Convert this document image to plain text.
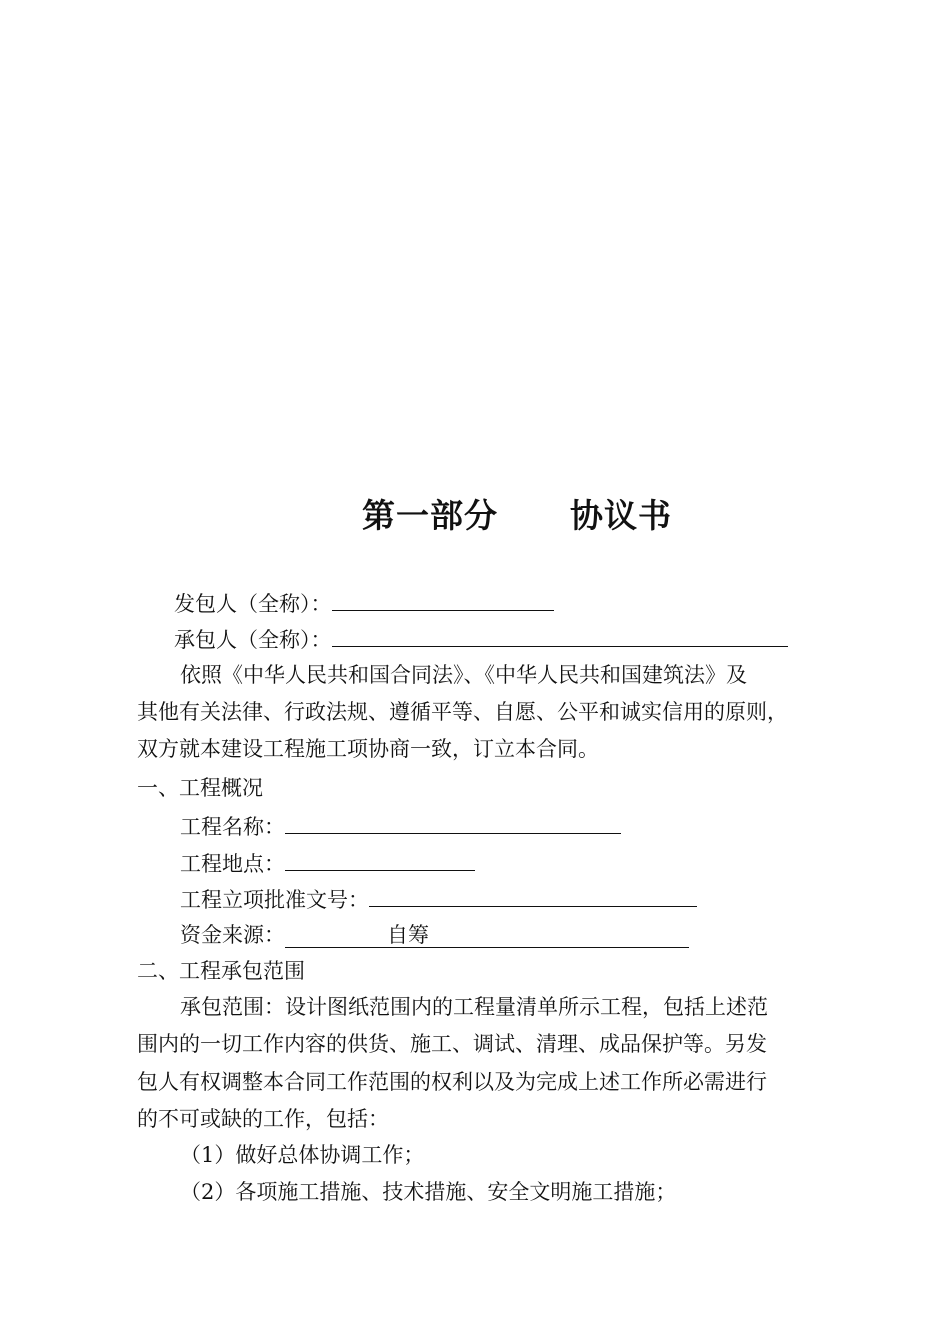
第一部分 协议书
发包人（全称）：
承包人（全称）：
依照《中华人民共和国合同法》、《中华人民共和国建筑法》及
其他有关法律、行政法规、遵循平等、自愿、公平和诚实信用的原则，
双方就本建设工程施工项协商一致，订立本合同。
一、工程概况
工程名称：
工程地点：
工程立项批准文号：
资金来源：	自筹
二、工程承包范围
承包范围：设计图纸范围内的工程量清单所示工程，包括上述范
围内的一切工作内容的供货、施工、调试、清理、成品保护等。另发
包人有权调整本合同工作范围的权利以及为完成上述工作所必需进行
的不可或缺的工作，包括：
（1）做好总体协调工作；
（2）各项施工措施、技术措施、安全文明施工措施；
